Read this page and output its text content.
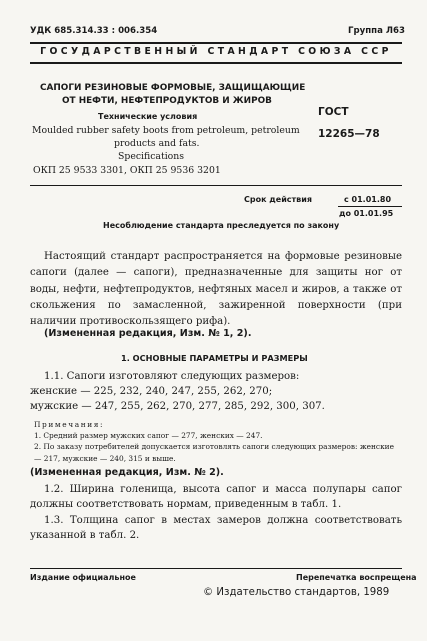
УДК 685.314.33 : 006.354	Группа Л63
ГОСУДАРСТВЕННЫЙ СТАНДАРТ СОЮЗА ССР
САПОГИ РЕЗИНОВЫЕ ФОРМОВЫЕ, ЗАЩИЩАЮЩИЕ
ОТ НЕФТИ, НЕФТЕПРОДУКТОВ И ЖИРОВ
Технические условия
Moulded rubber safety boots from petroleum, petroleum
products and fats.
Specifications
ОКП 25 9533 3301, ОКП 25 9536 3201
ГОСТ
12265—78
Срок действия	с 01.01.80
до 01.01.95
Несоблюдение стандарта преследуется по закону
Настоящий стандарт распространяется на формовые резиновые сапоги (далее — сапоги), предназначенные для защиты ног от воды, нефти, нефтепродуктов, нефтяных масел и жиров, а также от скольжения по замасленной, зажиренной поверхности (при наличии противоскользящего рифа).
(Измененная редакция, Изм. № 1, 2).
1. ОСНОВНЫЕ ПАРАМЕТРЫ И РАЗМЕРЫ
1.1. Сапоги изготовляют следующих размеров:
женские — 225, 232, 240, 247, 255, 262, 270;
мужские — 247, 255, 262, 270, 277, 285, 292, 300, 307.
Примечания:
1. Средний размер мужских сапог — 277, женских — 247.
2. По заказу потребителей допускается изготовлять сапоги следующих размеров: женские — 217, мужские — 240, 315 и выше.
(Измененная редакция, Изм. № 2).
1.2. Ширина голенища, высота сапог и масса полупары сапог должны соответствовать нормам, приведенным в табл. 1.
1.3. Толщина сапог в местах замеров должна соответствовать указанной в табл. 2.
Издание официальное	Перепечатка воспрещена
© Издательство стандартов, 1989
